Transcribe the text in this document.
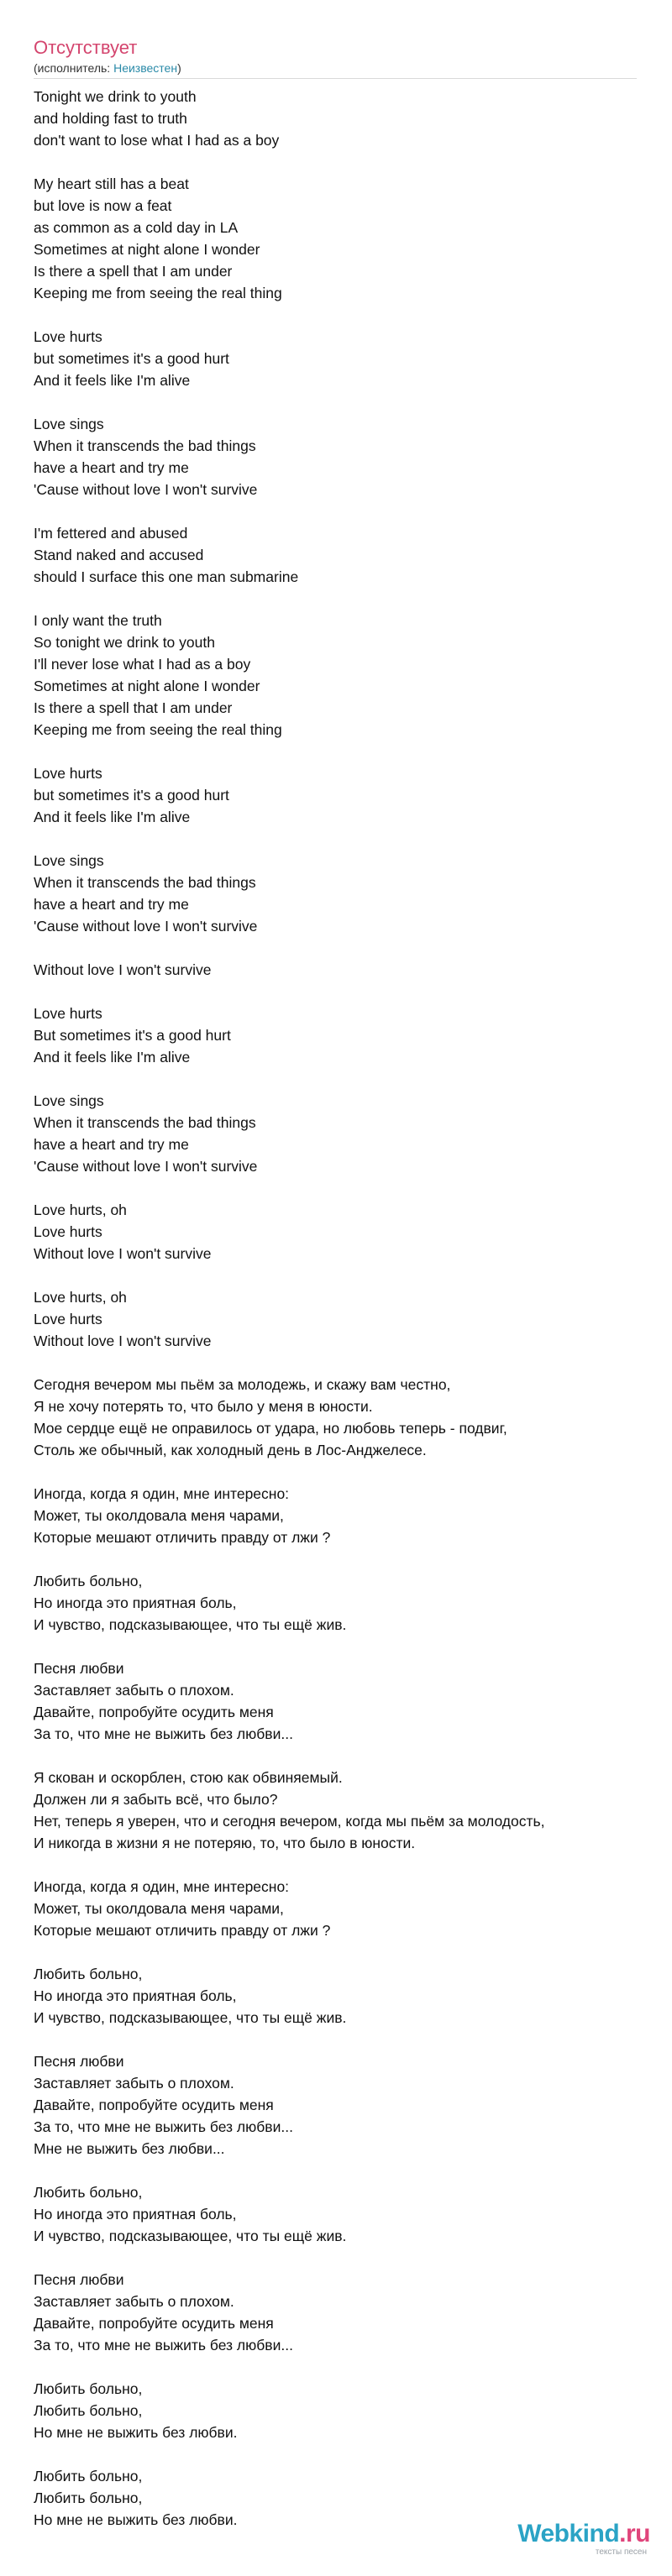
Отсутствует
(исполнитель: Неизвестен)
Tonight we drink to youth
and holding fast to truth
don't want to lose what I had as a boy
My heart still has a beat
but love is now a feat
as common as a cold day in LA
Sometimes at night alone I wonder
Is there a spell that I am under
Keeping me from seeing the real thing
Love hurts
but sometimes it's a good hurt
And it feels like I'm alive
Love sings
When it transcends the bad things
have a heart and try me
'Cause without love I won't survive
I'm fettered and abused
Stand naked and accused
should I surface this one man submarine
I only want the truth
So tonight we drink to youth
I'll never lose what I had as a boy
Sometimes at night alone I wonder
Is there a spell that I am under
Keeping me from seeing the real thing
Love hurts
but sometimes it's a good hurt
And it feels like I'm alive
Love sings
When it transcends the bad things
have a heart and try me
'Cause without love I won't survive
Without love I won't survive
Love hurts
But sometimes it's a good hurt
And it feels like I'm alive
Love sings
When it transcends the bad things
have a heart and try me
'Cause without love I won't survive
Love hurts, oh
Love hurts
Without love I won't survive
Love hurts, oh
Love hurts
Without love I won't survive
Сегодня вечером мы пьём за молодежь, и скажу вам честно,
Я не хочу потерять то, что было у меня в юности.
Мое сердце ещё не оправилось от удара, но любовь теперь - подвиг,
Столь же обычный, как холодный день в Лос-Анджелесе.
Иногда, когда я один, мне интересно:
Может, ты околдовала меня чарами,
Которые мешают отличить правду от лжи ?
Любить больно,
Но иногда это приятная боль,
И чувство, подсказывающее, что ты ещё жив.
Песня любви
Заставляет забыть о плохом.
Давайте, попробуйте осудить меня
За то, что мне не выжить без любви...
Я скован и оскорблен, стою как обвиняемый.
Должен ли я забыть всё, что было?
Нет, теперь я уверен, что и сегодня вечером, когда мы пьём за молодость,
И никогда в жизни я не потеряю, то, что было в юности.
Иногда, когда я один, мне интересно:
Может, ты околдовала меня чарами,
Которые мешают отличить правду от лжи ?
Любить больно,
Но иногда это приятная боль,
И чувство, подсказывающее, что ты ещё жив.
Песня любви
Заставляет забыть о плохом.
Давайте, попробуйте осудить меня
За то, что мне не выжить без любви...
Мне не выжить без любви...
Любить больно,
Но иногда это приятная боль,
И чувство, подсказывающее, что ты ещё жив.
Песня любви
Заставляет забыть о плохом.
Давайте, попробуйте осудить меня
За то, что мне не выжить без любви...
Любить больно,
Любить больно,
Но мне не выжить без любви.
Любить больно,
Любить больно,
Но мне не выжить без любви.	Webkind.ru
тексты песен
